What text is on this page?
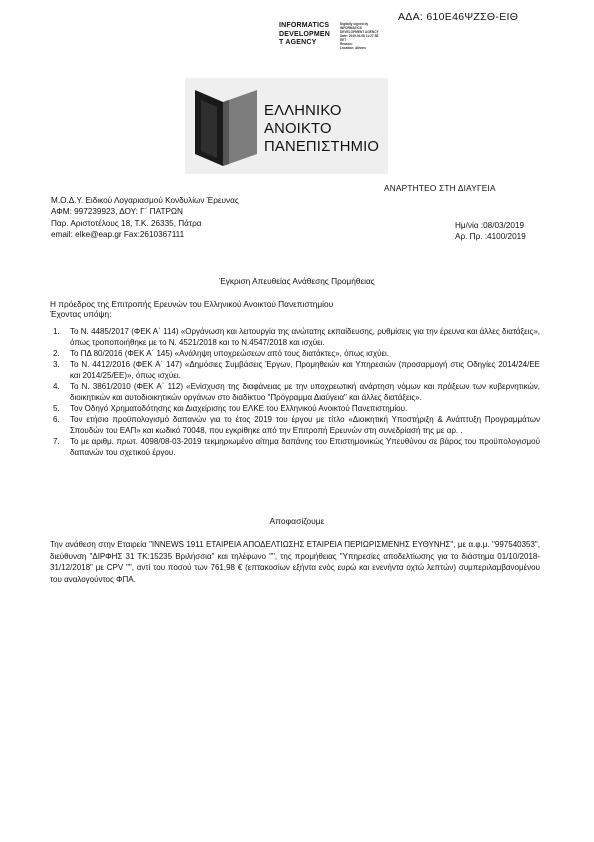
ΑΔΑ: 610Ε46ΨΖΣΘ-ΕΙΘ
INFORMATICS
DEVELOPMEN
T AGENCY
Digitally signed by
INFORMATICS
DEVELOPMENT AGENCY
Date: 2019.03.08 11:27:58
EET
Reason:
Location: Athens
ΕΛΛΗΝΙΚΟ
ΑΝΟΙΚΤΟ
ΠΑΝΕΠΙΣΤΗΜΙΟ
ΑΝΑΡΤΗΤΕΟ ΣΤΗ ΔΙΑΥΓΕΙΑ
Μ.Ο.Δ.Υ. Ειδικού Λογαριασμού Κονδυλίων Έρευνας
ΑΦΜ: 997239923, ΔΟΥ: Γ΄ ΠΑΤΡΩΝ
Παρ. Αριστοτέλους 18, Τ.Κ. 26335, Πάτρα
email: elke@eap.gr Fax:2610367111
Ημ/νία :08/03/2019
Αρ. Πρ. :4100/2019
Έγκριση Απευθείας Ανάθεσης Προμήθειας
Η πρόεδρος της Επιτροπής Ερευνών του Ελληνικού Ανοικτού Πανεπιστημίου
Έχοντας υπόψη:
1.	Το Ν. 4485/2017 (ΦΕΚ Α΄ 114) «Οργάνωση και λειτουργία της ανώτατης εκπαίδευσης, ρυθμίσεις για την έρευνα και άλλες διατάξεις», όπως τροποποιήθηκε με το Ν. 4521/2018 και το Ν.4547/2018 και ισχύει.
2.	Το ΠΔ 80/2016 (ΦΕΚ Α΄ 145) «Ανάληψη υποχρεώσεων από τους διατάκτες», όπως ισχύει.
3.	Το Ν. 4412/2016 (ΦΕΚ Α΄ 147) «Δημόσιες Συμβάσεις Έργων, Προμηθειών και Υπηρεσιών (προσαρμογή στις Οδηγίες 2014/24/ΕΕ και 2014/25/ΕΕ)», όπως ισχύει.
4.	Το Ν. 3861/2010 (ΦΕΚ Α΄ 112) «Ενίσχυση της διαφάνειας με την υποχρεωτική ανάρτηση νόμων και πράξεων των κυβερνητικών, διοικητικών και αυτοδιοικητικών οργάνων στο διαδίκτυο "Πρόγραμμα Διαύγεια" και άλλες διατάξεις».
5.	Τον Οδηγό Χρηματοδότησης και Διαχείρισης του ΕΛΚΕ του Ελληνικού Ανοικτού Πανεπιστημίου.
6.	Τον ετήσιο προϋπολογισμό δαπανών για το έτος 2019 του έργου με τίτλο «Διοικητική Υποστήριξη & Ανάπτυξη Προγραμμάτων Σπουδών του ΕΑΠ» και κωδικό 70048, που εγκρίθηκε από την Επιτροπή Ερευνών στη συνεδρίασή της με αρ. .
7.	Το με αριθμ. πρωτ. 4098/08-03-2019 τεκμηριωμένο αίτημα δαπάνης του Επιστημονικώς Υπευθύνου σε βάρος του προϋπολογισμού δαπανών του σχετικού έργου.
Αποφασίζουμε
Την ανάθεση στην Εταιρεία "INNEWS 1911 ΕΤΑΙΡΕΙΑ ΑΠΟΔΕΛΤΙΩΣΗΣ ΕΤΑΙΡΕΙΑ ΠΕΡΙΩΡΙΣΜΕΝΗΣ ΕΥΘΥΝΗΣ", με α.φ.μ. "997540353", διεύθυνση "ΔΙΡΦΗΣ 31 ΤΚ:15235 Βριλήσσια" και τηλέφωνο "", της προμήθειας "Υπηρεσίες αποδελτίωσης για το διάστημα 01/10/2018-31/12/2018" με CPV "", αντί του ποσού των 761,98 € (επτακοσίων εξήντα ενός ευρώ και ενενήντα οχτώ λεπτών) συμπεριλαμβανομένου του αναλογούντος ΦΠΑ.
